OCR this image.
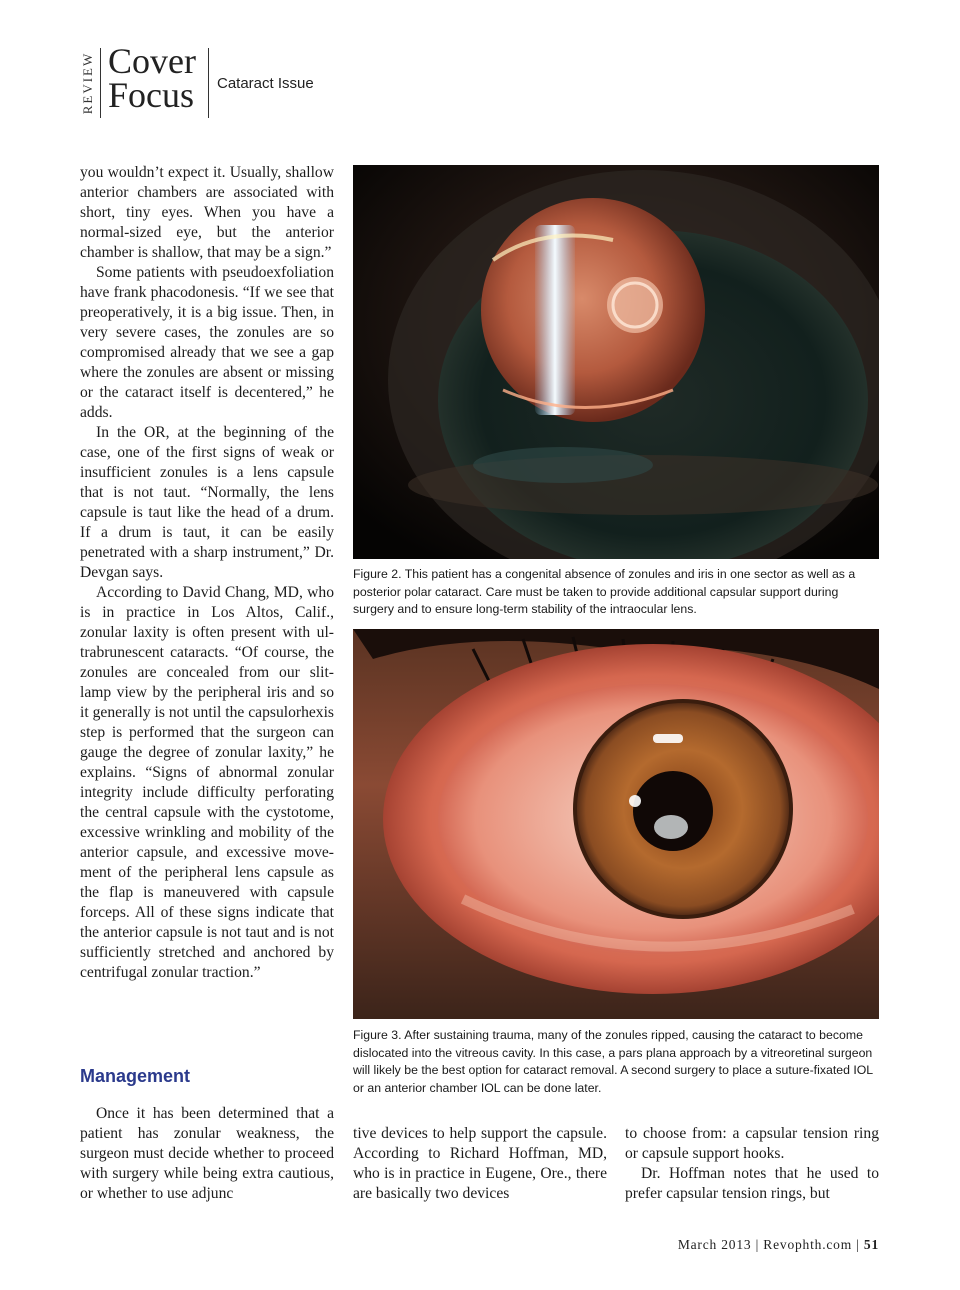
REVIEW Cover
Focus Cataract Issue

you wouldn’t expect it. Usually, shallow anterior chambers are associated with short, tiny eyes. When you have a normal-sized eye, but the anterior chamber is shallow, that may be a sign.”

Some patients with pseudoexfoliation have frank phacodonesis. “If we see that preoperatively, it is a big issue. Then, in very severe cases, the zonules are so compromised already that we see a gap where the zonules are absent or missing or the cataract itself is decentered,” he adds.

In the OR, at the beginning of the case, one of the first signs of weak or insufficient zonules is a lens capsule that is not taut. “Normally, the lens capsule is taut like the head of a drum. If a drum is taut, it can be easily penetrated with a sharp instrument,” Dr. Devgan says.

According to David Chang, MD, who is in practice in Los Altos, Calif., zonular laxity is often present with ultrabrunescent cataracts. “Of course, the zonules are concealed from our slit-lamp view by the peripheral iris and so it generally is not until the capsulorhexis step is performed that the surgeon can gauge the degree of zonular laxity,” he explains. “Signs of abnormal zonular integrity include difficulty perforating the central capsule with the cystotome, excessive wrinkling and mobility of the anterior capsule, and excessive movement of the peripheral lens capsule as the flap is maneuvered with capsule forceps. All of these signs indicate that the anterior capsule is not taut and is not sufficiently stretched and anchored by centrifugal zonular traction.”

Figure 2. This patient has a congenital absence of zonules and iris in one sector as well as a posterior polar cataract. Care must be taken to provide additional capsular support during surgery and to ensure long-term stability of the intraocular lens.
Figure 3. After sustaining trauma, many of the zonules ripped, causing the cataract to become dislocated into the vitreous cavity. In this case, a pars plana approach by a vitreoretinal surgeon will likely be the best option for cataract removal. A second surgery to place a suture-fixated IOL or an anterior chamber IOL can be done later.
Management

Once it has been determined that a patient has zonular weakness, the surgeon must decide whether to proceed with surgery while being extra cautious, or whether to use adjunc

tive devices to help support the capsule. According to Richard Hoffman, MD, who is in practice in Eugene, Ore., there are basically two devices

to choose from: a capsular tension ring or capsule support hooks.

Dr. Hoffman notes that he used to prefer capsular tension rings, but

March 2013 | Revophth.com | 51
